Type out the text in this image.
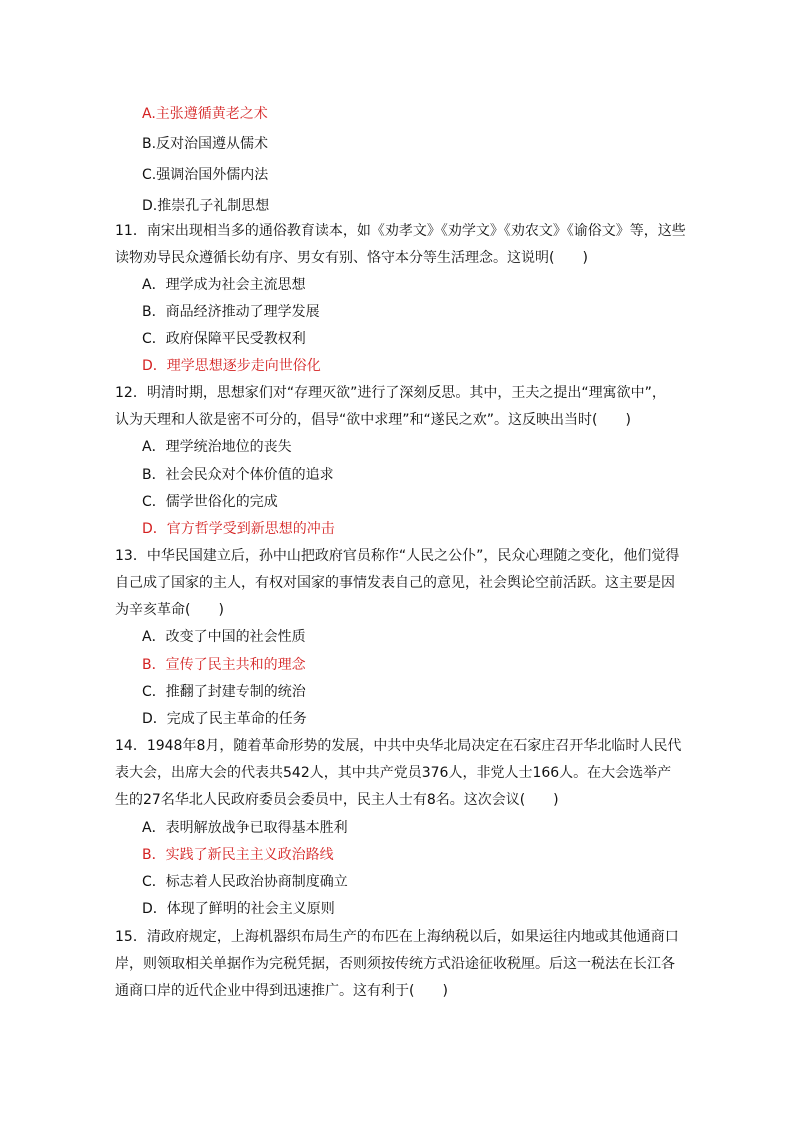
A.主张遵循黄老之术
B.反对治国遵从儒术
C.强调治国外儒内法
D.推崇孔子礼制思想
11．南宋出现相当多的通俗教育读本，如《劝孝文》《劝学文》《劝农文》《谕俗文》等，这些
读物劝导民众遵循长幼有序、男女有别、恪守本分等生活理念。这说明(　　)
A．理学成为社会主流思想
B．商品经济推动了理学发展
C．政府保障平民受教权利
D．理学思想逐步走向世俗化
12．明清时期，思想家们对“存理灭欲”进行了深刻反思。其中，王夫之提出“理寓欲中”，
认为天理和人欲是密不可分的，倡导“欲中求理”和“遂民之欢”。这反映出当时(　　)
A．理学统治地位的丧失
B．社会民众对个体价值的追求
C．儒学世俗化的完成
D．官方哲学受到新思想的冲击
13．中华民国建立后，孙中山把政府官员称作“人民之公仆”，民众心理随之变化，他们觉得
自己成了国家的主人，有权对国家的事情发表自己的意见，社会舆论空前活跃。这主要是因
为辛亥革命(　　)
A．改变了中国的社会性质
B．宣传了民主共和的理念
C．推翻了封建专制的统治
D．完成了民主革命的任务
14．1948年8月，随着革命形势的发展，中共中央华北局决定在石家庄召开华北临时人民代
表大会，出席大会的代表共542人，其中共产党员376人，非党人士166人。在大会选举产
生的27名华北人民政府委员会委员中，民主人士有8名。这次会议(　　)
A．表明解放战争已取得基本胜利
B．实践了新民主主义政治路线
C．标志着人民政治协商制度确立
D．体现了鲜明的社会主义原则
15．清政府规定，上海机器织布局生产的布匹在上海纳税以后，如果运往内地或其他通商口
岸，则领取相关单据作为完税凭据，否则须按传统方式沿途征收税厘。后这一税法在长江各
通商口岸的近代企业中得到迅速推广。这有利于(　　)
